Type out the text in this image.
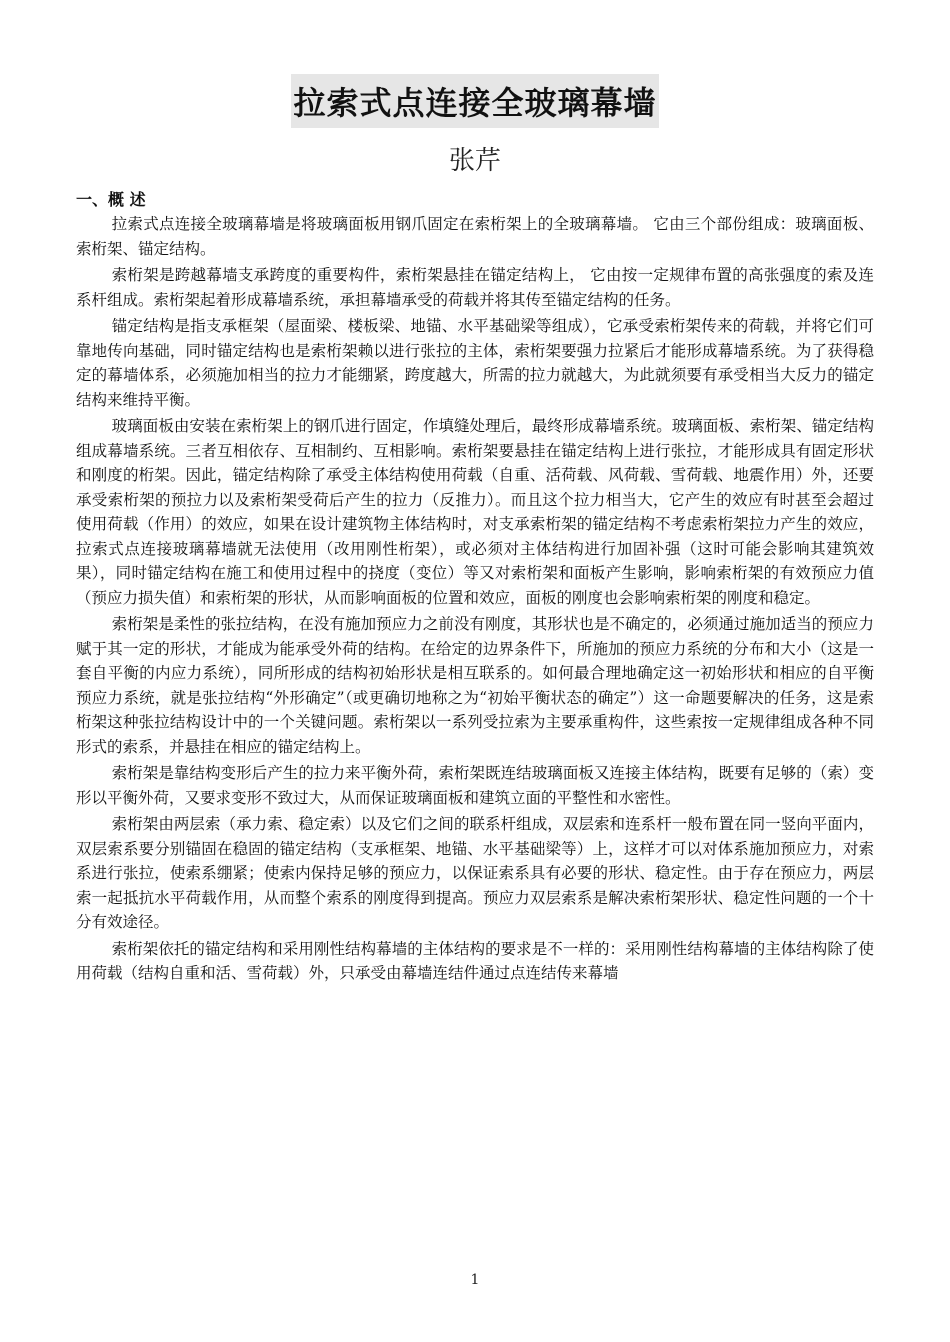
拉索式点连接全玻璃幕墙
张芹
一、概 述

拉索式点连接全玻璃幕墙是将玻璃面板用钢爪固定在索桁架上的全玻璃幕墙。 它由三个部份组成：玻璃面板、索桁架、锚定结构。

索桁架是跨越幕墙支承跨度的重要构件，索桁架悬挂在锚定结构上， 它由按一定规律布置的高张强度的索及连系杆组成。索桁架起着形成幕墙系统，承担幕墙承受的荷载并将其传至锚定结构的任务。

锚定结构是指支承框架（屋面梁、楼板梁、地锚、水平基础梁等组成），它承受索桁架传来的荷载，并将它们可靠地传向基础，同时锚定结构也是索桁架赖以进行张拉的主体，索桁架要强力拉紧后才能形成幕墙系统。为了获得稳定的幕墙体系，必须施加相当的拉力才能绷紧，跨度越大，所需的拉力就越大，为此就须要有承受相当大反力的锚定结构来维持平衡。

玻璃面板由安装在索桁架上的钢爪进行固定，作填缝处理后，最终形成幕墙系统。玻璃面板、索桁架、锚定结构组成幕墙系统。三者互相依存、互相制约、互相影响。索桁架要悬挂在锚定结构上进行张拉，才能形成具有固定形状和刚度的桁架。因此，锚定结构除了承受主体结构使用荷载（自重、活荷载、风荷载、雪荷载、地震作用）外，还要承受索桁架的预拉力以及索桁架受荷后产生的拉力（反推力）。而且这个拉力相当大，它产生的效应有时甚至会超过使用荷载（作用）的效应，如果在设计建筑物主体结构时，对支承索桁架的锚定结构不考虑索桁架拉力产生的效应，拉索式点连接玻璃幕墙就无法使用（改用刚性桁架），或必须对主体结构进行加固补强（这时可能会影响其建筑效果），同时锚定结构在施工和使用过程中的挠度（变位）等又对索桁架和面板产生影响，影响索桁架的有效预应力值（预应力损失值）和索桁架的形状，从而影响面板的位置和效应，面板的刚度也会影响索桁架的刚度和稳定。

索桁架是柔性的张拉结构，在没有施加预应力之前没有刚度，其形状也是不确定的，必须通过施加适当的预应力赋于其一定的形状，才能成为能承受外荷的结构。在给定的边界条件下，所施加的预应力系统的分布和大小（这是一套自平衡的内应力系统），同所形成的结构初始形状是相互联系的。如何最合理地确定这一初始形状和相应的自平衡预应力系统，就是张拉结构“外形确定”（或更确切地称之为“初始平衡状态的确定”）这一命题要解决的任务，这是索桁架这种张拉结构设计中的一个关键问题。索桁架以一系列受拉索为主要承重构件，这些索按一定规律组成各种不同形式的索系，并悬挂在相应的锚定结构上。

索桁架是靠结构变形后产生的拉力来平衡外荷，索桁架既连结玻璃面板又连接主体结构，既要有足够的（索）变形以平衡外荷，又要求变形不致过大，从而保证玻璃面板和建筑立面的平整性和水密性。

索桁架由两层索（承力索、稳定索）以及它们之间的联系杆组成，双层索和连系杆一般布置在同一竖向平面内，双层索系要分别锚固在稳固的锚定结构（支承框架、地锚、水平基础梁等）上，这样才可以对体系施加预应力，对索系进行张拉，使索系绷紧；使索内保持足够的预应力，以保证索系具有必要的形状、稳定性。由于存在预应力，两层索一起抵抗水平荷载作用，从而整个索系的刚度得到提高。预应力双层索系是解决索桁架形状、稳定性问题的一个十分有效途径。

索桁架依托的锚定结构和采用刚性结构幕墙的主体结构的要求是不一样的：采用刚性结构幕墙的主体结构除了使用荷载（结构自重和活、雪荷载）外，只承受由幕墙连结件通过点连结传来幕墙

1
